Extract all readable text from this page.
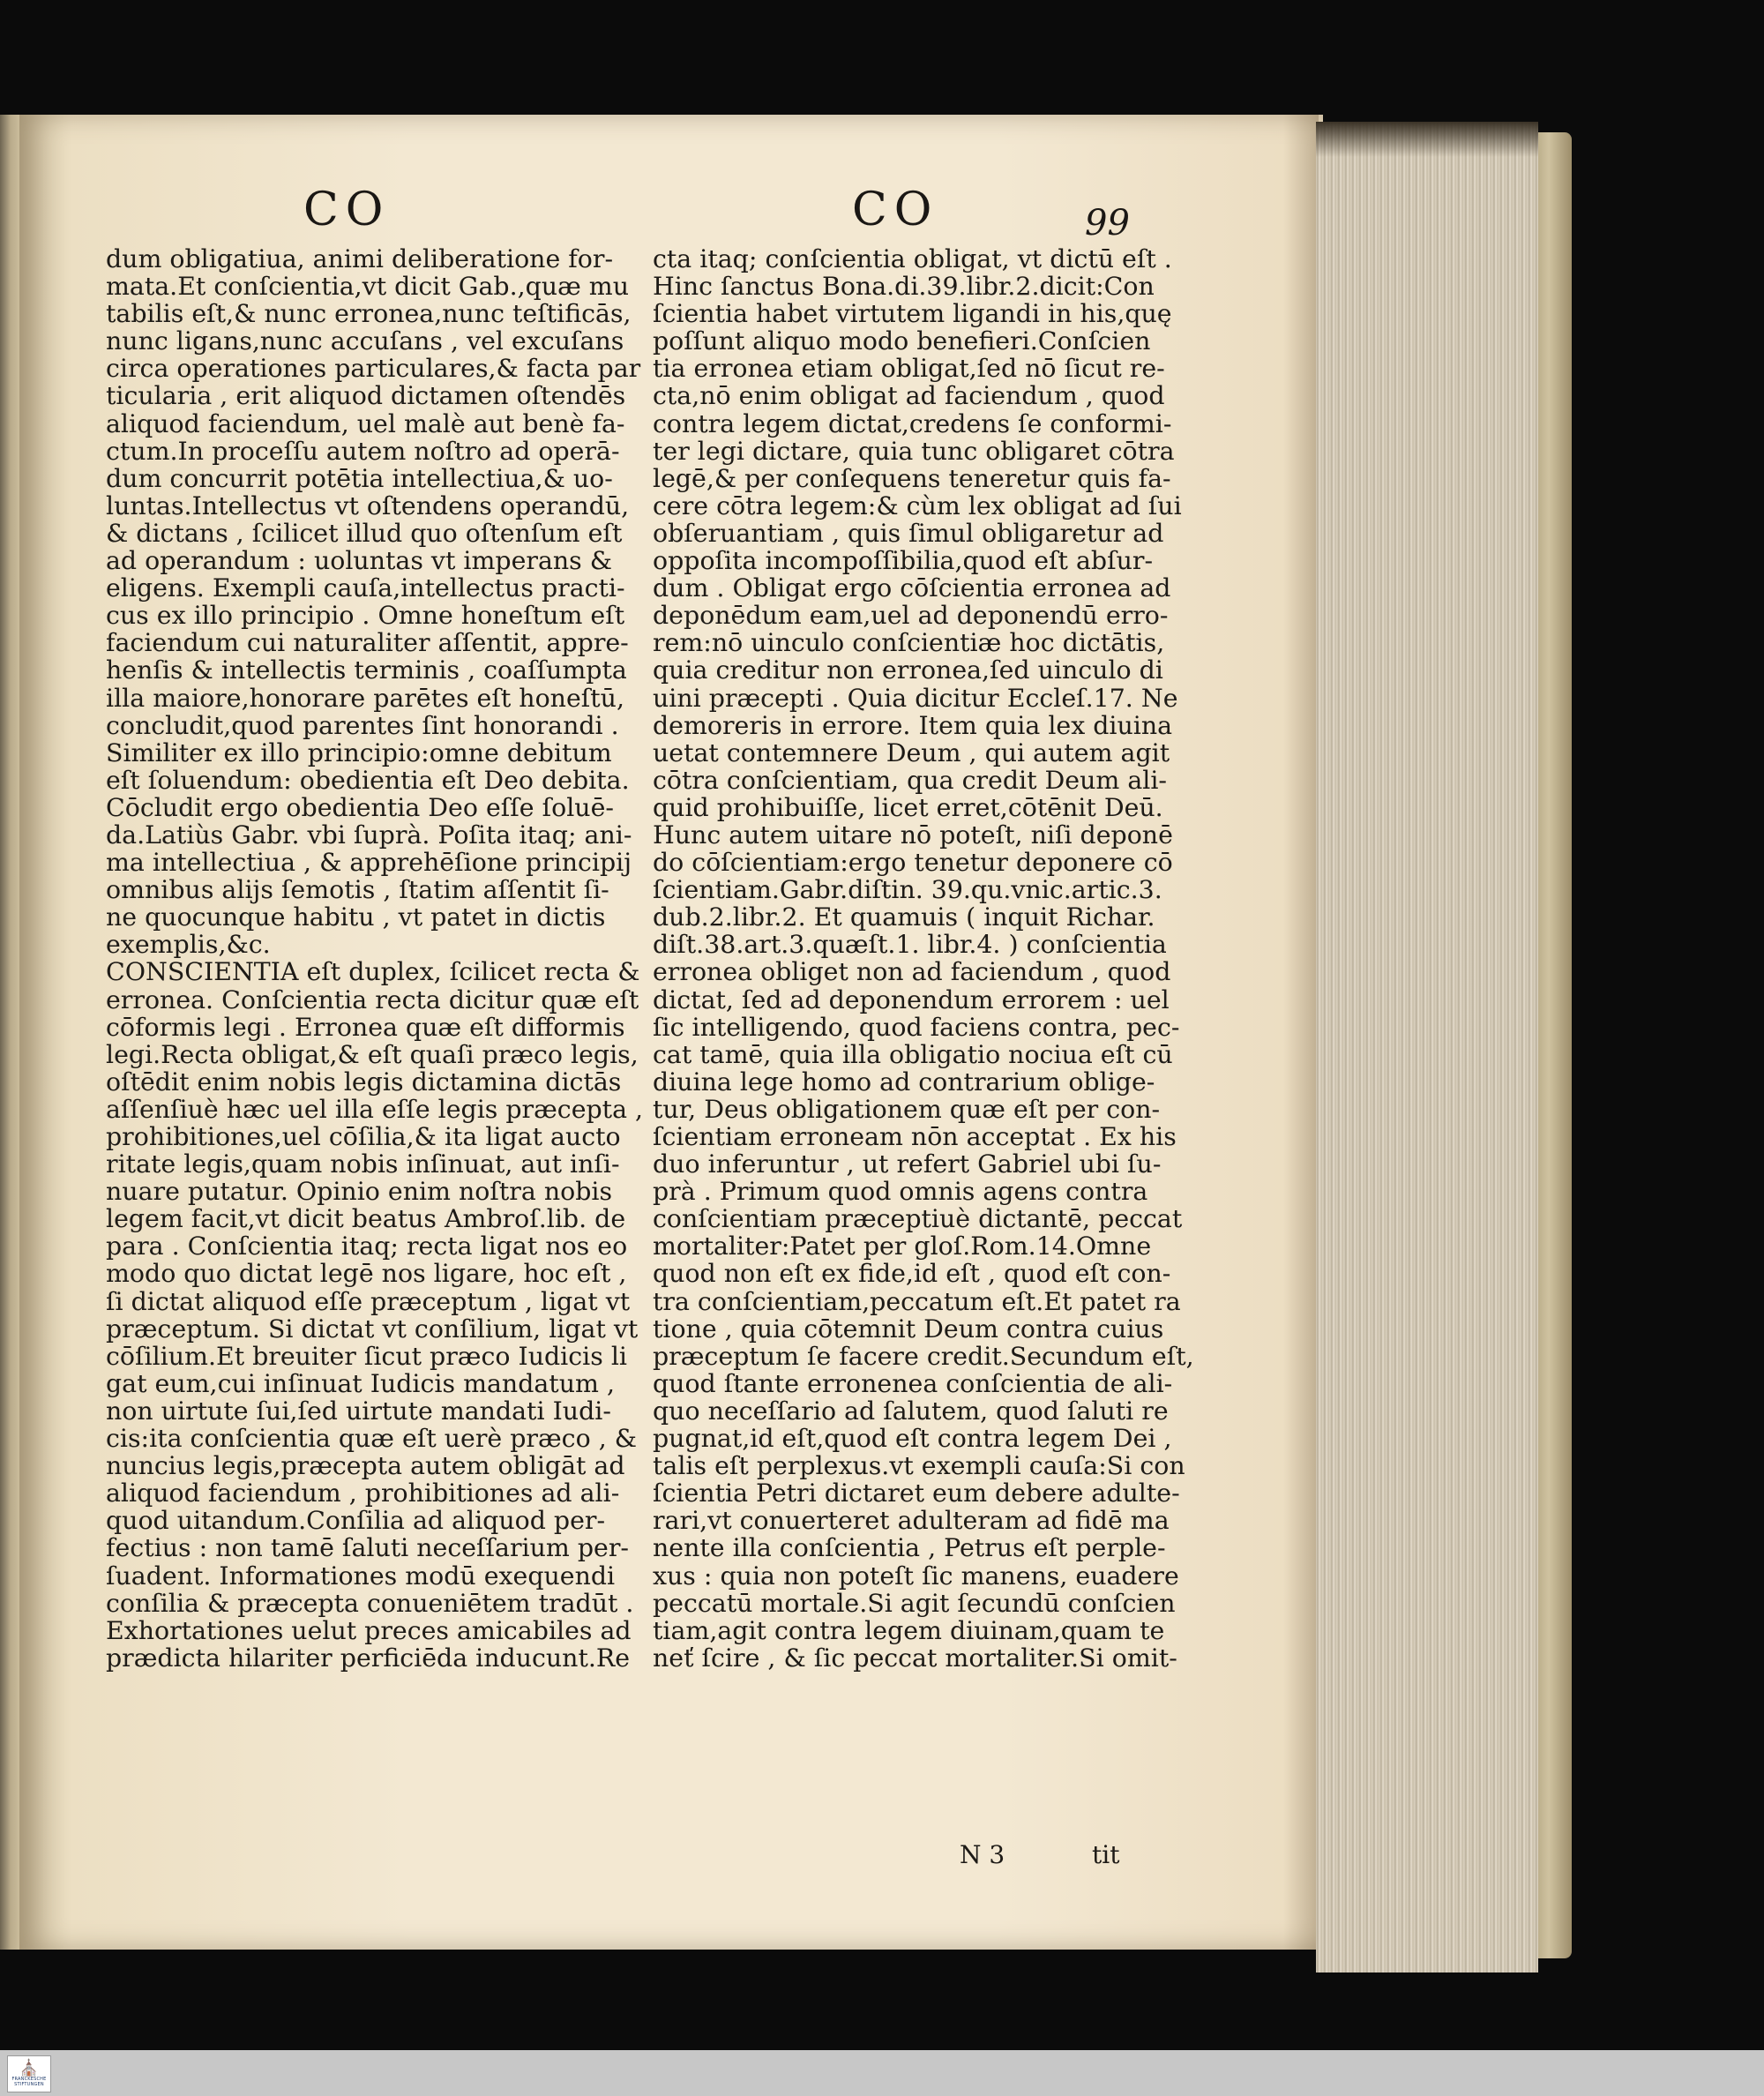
CO	CO	99
dum obligatiua, animi deliberatione for-
mata.Et conſcientia,vt dicit Gab.,quæ mu
tabilis eſt,& nunc erronea,nunc teſtificās,
nunc ligans,nunc accuſans , vel excuſans
circa operationes particulares,& facta par
ticularia , erit aliquod dictamen oſtendēs
aliquod faciendum, uel malè aut benè fa-
ctum.In proceſſu autem noſtro ad operā-
dum concurrit potētia intellectiua,& uo-
luntas.Intellectus vt oſtendens operandū,
& dictans , ſcilicet illud quo oſtenſum eſt
ad operandum : uoluntas vt imperans &
eligens. Exempli cauſa,intellectus practi-
cus ex illo principio . Omne honeſtum eſt
faciendum cui naturaliter aſſentit, appre-
henſis & intellectis terminis , coaſſumpta
illa maiore,honorare parētes eſt honeſtū,
concludit,quod parentes ſint honorandi .
Similiter ex illo principio:omne debitum
eſt ſoluendum: obedientia eſt Deo debita.
Cōcludit ergo obedientia Deo eſſe ſoluē-
da.Latiùs Gabr. vbi ſuprà. Poſita itaq; ani-
ma intellectiua , & apprehēſione principij
omnibus alijs ſemotis , ſtatim aſſentit ſi-
ne quocunque habitu , vt patet in dictis
exemplis,&c.
CONSCIENTIA eſt duplex, ſcilicet recta &
erronea. Conſcientia recta dicitur quæ eſt
cōformis legi . Erronea quæ eſt difformis
legi.Recta obligat,& eſt quaſi præco legis,
oſtēdit enim nobis legis dictamina dictās
aſſenſiuè hæc uel illa eſſe legis præcepta ,
prohibitiones,uel cōſilia,& ita ligat aucto
ritate legis,quam nobis inſinuat, aut inſi-
nuare putatur. Opinio enim noſtra nobis
legem facit,vt dicit beatus Ambroſ.lib. de
para . Conſcientia itaq; recta ligat nos eo
modo quo dictat legē nos ligare, hoc eſt ,
ſi dictat aliquod eſſe præceptum , ligat vt
præceptum. Si dictat vt conſilium, ligat vt
cōſilium.Et breuiter ſicut præco Iudicis li
gat eum,cui inſinuat Iudicis mandatum ,
non uirtute ſui,ſed uirtute mandati Iudi-
cis:ita conſcientia quæ eſt uerè præco , &
nuncius legis,præcepta autem obligāt ad
aliquod faciendum , prohibitiones ad ali-
quod uitandum.Conſilia ad aliquod per-
fectius : non tamē ſaluti neceſſarium per-
ſuadent. Informationes modū exequendi
conſilia & præcepta conueniētem tradūt .
Exhortationes uelut preces amicabiles ad
prædicta hilariter perficiēda inducunt.Re
cta itaq; conſcientia obligat, vt dictū eſt .
Hinc ſanctus Bona.di.39.libr.2.dicit:Con
ſcientia habet virtutem ligandi in his,quę
poſſunt aliquo modo benefieri.Conſcien
tia erronea etiam obligat,ſed nō ſicut re-
cta,nō enim obligat ad faciendum , quod
contra legem dictat,credens ſe conformi-
ter legi dictare, quia tunc obligaret cōtra
legē,& per conſequens teneretur quis fa-
cere cōtra legem:& cùm lex obligat ad ſui
obſeruantiam , quis ſimul obligaretur ad
oppoſita incompoſſibilia,quod eſt abſur-
dum . Obligat ergo cōſcientia erronea ad
deponēdum eam,uel ad deponendū erro-
rem:nō uinculo conſcientiæ hoc dictātis,
quia creditur non erronea,ſed uinculo di
uini præcepti . Quia dicitur Eccleſ.17. Ne
demoreris in errore. Item quia lex diuina
uetat contemnere Deum , qui autem agit
cōtra conſcientiam, qua credit Deum ali-
quid prohibuiſſe, licet erret,cōtēnit Deū.
Hunc autem uitare nō poteſt, niſi deponē
do cōſcientiam:ergo tenetur deponere cō
ſcientiam.Gabr.diſtin. 39.qu.vnic.artic.3.
dub.2.libr.2. Et quamuis ( inquit Richar.
diſt.38.art.3.quæſt.1. libr.4. ) conſcientia
erronea obliget non ad faciendum , quod
dictat, ſed ad deponendum errorem : uel
ſic intelligendo, quod faciens contra, pec-
cat tamē, quia illa obligatio nociua eſt cū
diuina lege homo ad contrarium oblige-
tur, Deus obligationem quæ eſt per con-
ſcientiam erroneam nōn acceptat . Ex his
duo inferuntur , ut refert Gabriel ubi ſu-
prà . Primum quod omnis agens contra
conſcientiam præceptiuè dictantē, peccat
mortaliter:Patet per gloſ.Rom.14.Omne
quod non eſt ex fide,id eſt , quod eſt con-
tra conſcientiam,peccatum eſt.Et patet ra
tione , quia cōtemnit Deum contra cuius
præceptum ſe facere credit.Secundum eſt,
quod ſtante erronenea conſcientia de ali-
quo neceſſario ad ſalutem, quod ſaluti re
pugnat,id eſt,quod eſt contra legem Dei ,
talis eſt perplexus.vt exempli cauſa:Si con
ſcientia Petri dictaret eum debere adulte-
rari,vt conuerteret adulteram ad fidē ma
nente illa conſcientia , Petrus eſt perple-
xus : quia non poteſt ſic manens, euadere
peccatū mortale.Si agit ſecundū conſcien
tiam,agit contra legem diuinam,quam te
neť ſcire , & ſic peccat mortaliter.Si omit-
N 3	tit
⛪
FRANCKESCHE
STIFTUNGEN
